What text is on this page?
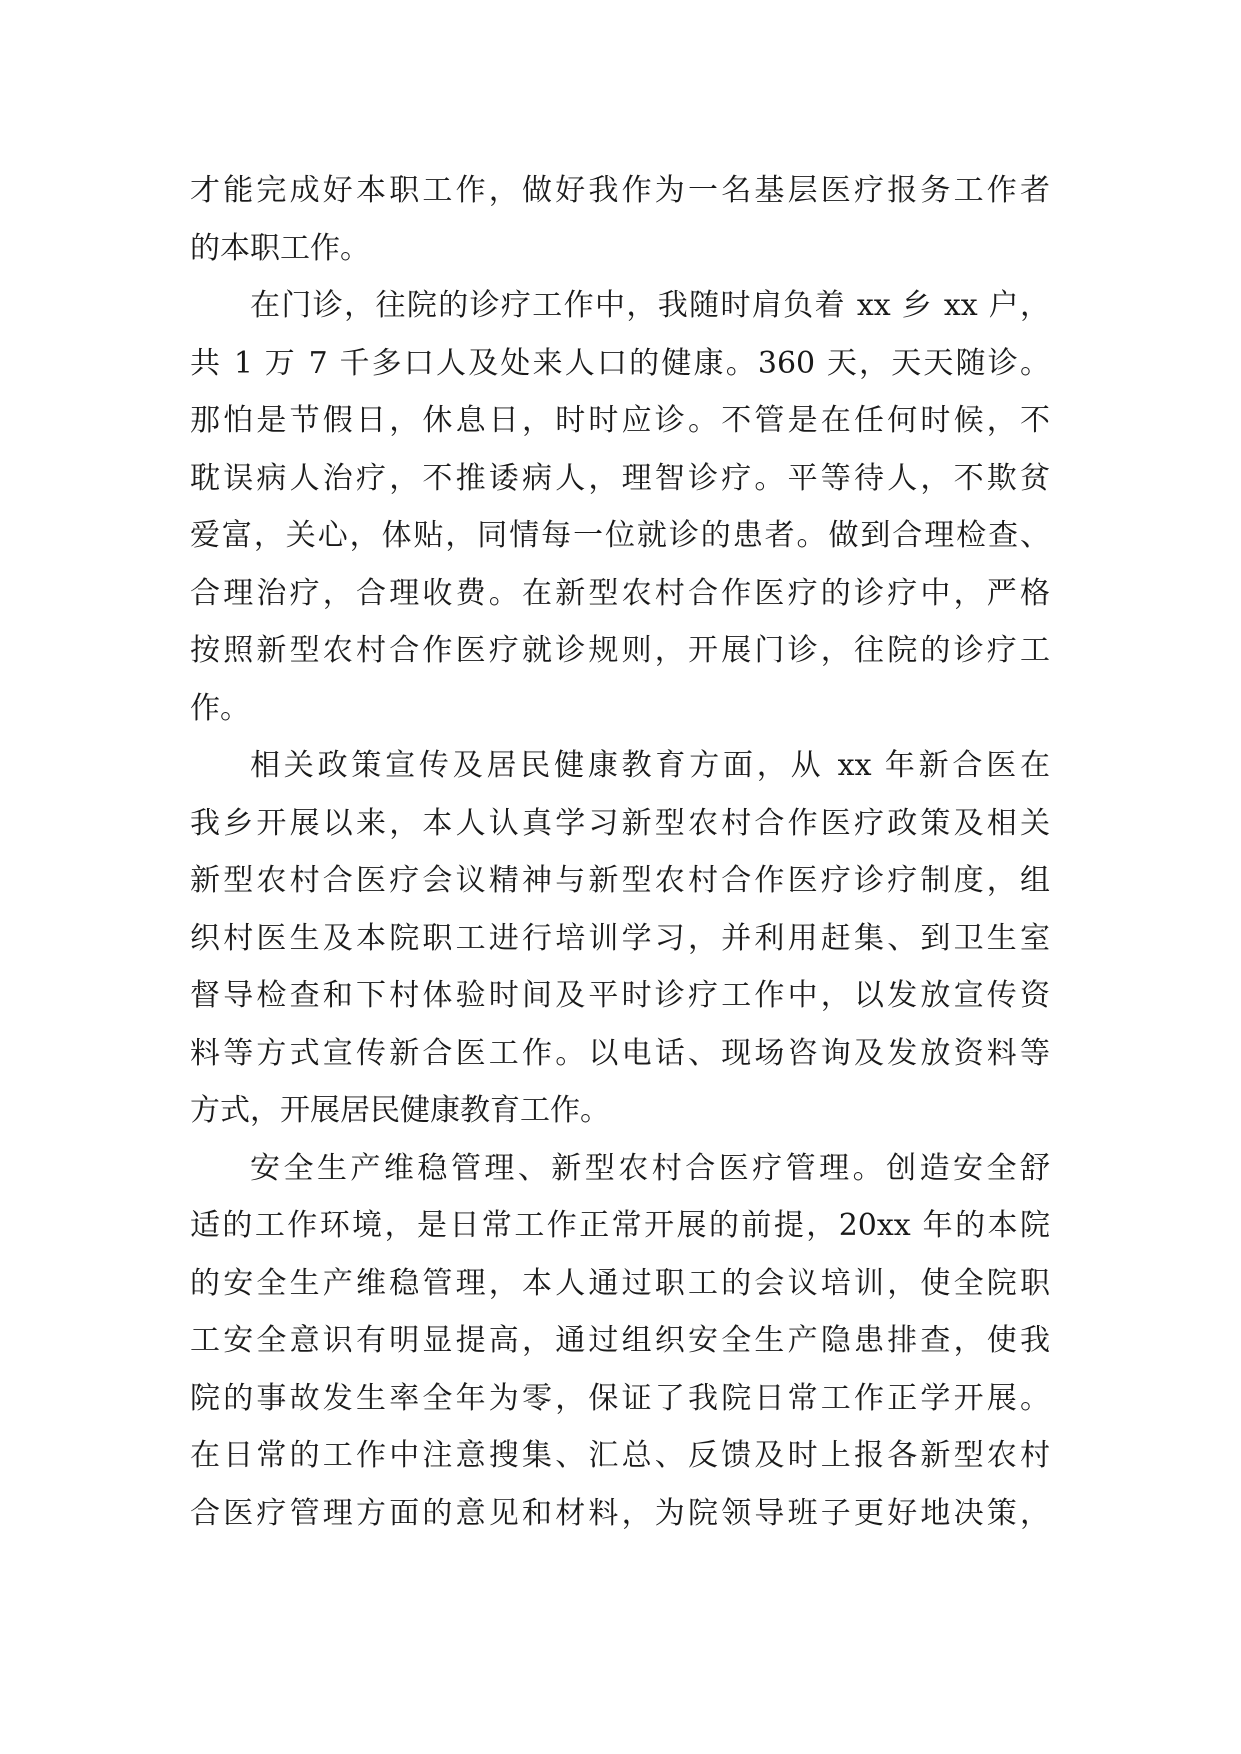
才能完成好本职工作，做好我作为一名基层医疗报务工作者
的本职工作。
在门诊，往院的诊疗工作中，我随时肩负着 xx 乡 xx 户，
共 1 万 7 千多口人及处来人口的健康。360 天，天天随诊。
那怕是节假日，休息日，时时应诊。不管是在任何时候，不
耽误病人治疗，不推诿病人，理智诊疗。平等待人，不欺贫
爱富，关心，体贴，同情每一位就诊的患者。做到合理检查、
合理治疗，合理收费。在新型农村合作医疗的诊疗中，严格
按照新型农村合作医疗就诊规则，开展门诊，往院的诊疗工
作。
相关政策宣传及居民健康教育方面，从 xx 年新合医在
我乡开展以来，本人认真学习新型农村合作医疗政策及相关
新型农村合医疗会议精神与新型农村合作医疗诊疗制度，组
织村医生及本院职工进行培训学习，并利用赶集、到卫生室
督导检查和下村体验时间及平时诊疗工作中，以发放宣传资
料等方式宣传新合医工作。以电话、现场咨询及发放资料等
方式，开展居民健康教育工作。
安全生产维稳管理、新型农村合医疗管理。创造安全舒
适的工作环境，是日常工作正常开展的前提，20xx 年的本院
的安全生产维稳管理，本人通过职工的会议培训，使全院职
工安全意识有明显提高，通过组织安全生产隐患排查，使我
院的事故发生率全年为零，保证了我院日常工作正学开展。
在日常的工作中注意搜集、汇总、反馈及时上报各新型农村
合医疗管理方面的意见和材料，为院领导班子更好地决策，
